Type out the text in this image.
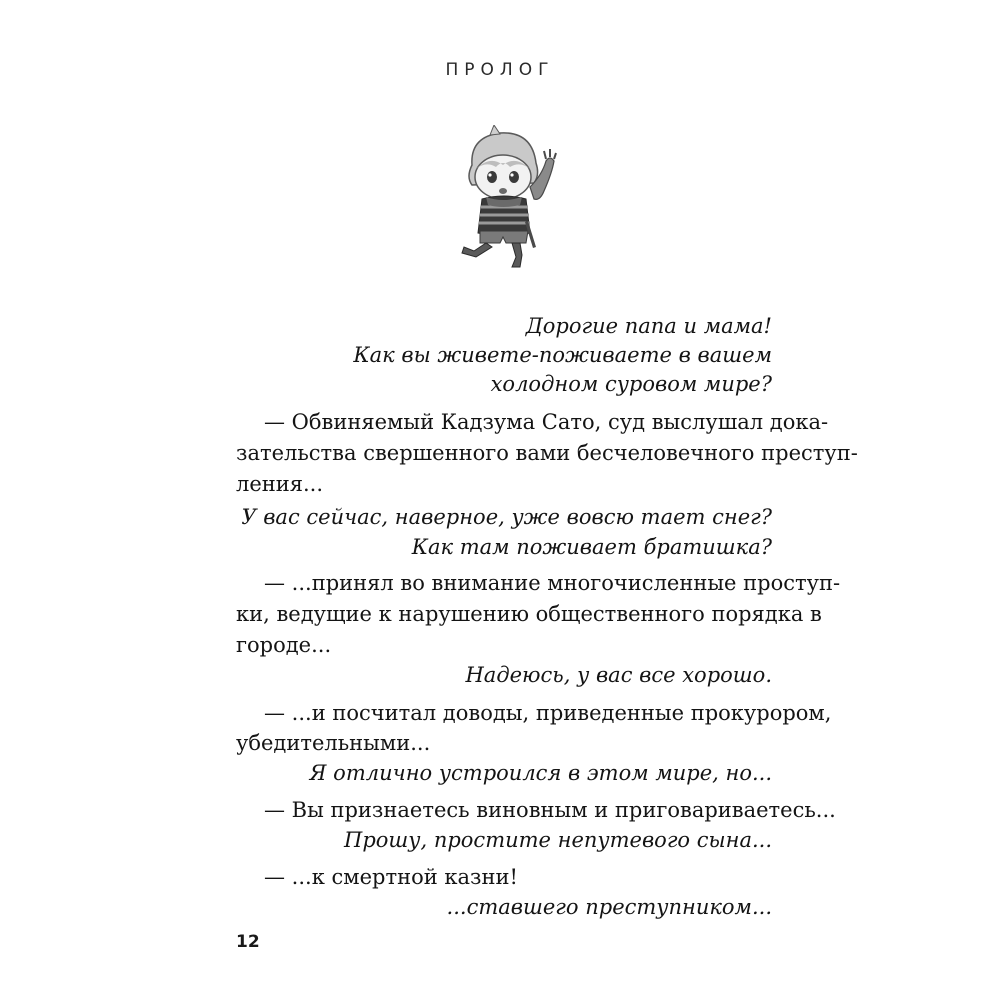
ПРОЛОГ
Дорогие папа и мама!
Как вы живете-поживаете в вашем
холодном суровом мире?
— Обвиняемый Кадзума Сато, суд выслушал дока-
зательства свершенного вами бесчеловечного преступ-
ления...
У вас сейчас, наверное, уже вовсю тает снег?
Как там поживает братишка?
— ...принял во внимание многочисленные проступ-
ки, ведущие к нарушению общественного порядка в
городе...
Надеюсь, у вас все хорошо.
— ...и посчитал доводы, приведенные прокурором,
убедительными...
Я отлично устроился в этом мире, но...
— Вы признаетесь виновным и приговариваетесь...
Прошу, простите непутевого сына...
— ...к смертной казни!
...ставшего преступником...
12
